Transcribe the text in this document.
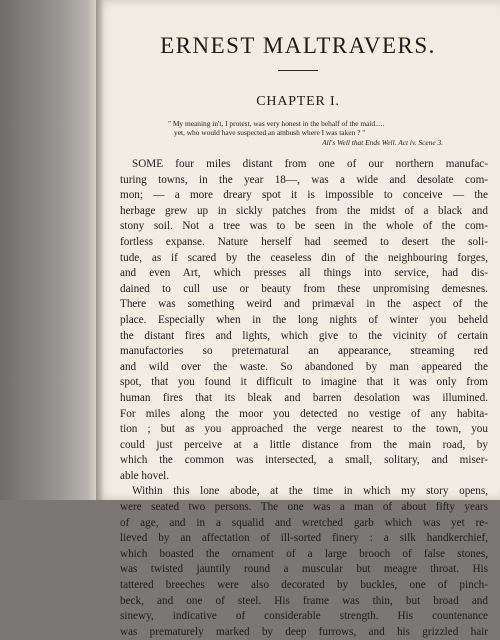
ERNEST MALTRAVERS.
CHAPTER I.
" My meaning in't, I protest, was very honest in the behalf of the maid.....
yet, who would have suspected an ambush where I was taken ? "
All's Well that Ends Well. Act iv. Scene 3.
SOME four miles distant from one of our northern manufac-
turing towns, in the year 18—, was a wide and desolate com-
mon; — a more dreary spot it is impossible to conceive — the
herbage grew up in sickly patches from the midst of a black and
stony soil. Not a tree was to be seen in the whole of the com-
fortless expanse. Nature herself had seemed to desert the soli-
tude, as if scared by the ceaseless din of the neighbouring forges,
and even Art, which presses all things into service, had dis-
dained to cull use or beauty from these unpromising demesnes.
There was something weird and primæval in the aspect of the
place. Especially when in the long nights of winter you beheld
the distant fires and lights, which give to the vicinity of certain
manufactories so preternatural an appearance, streaming red
and wild over the waste. So abandoned by man appeared the
spot, that you found it difficult to imagine that it was only from
human fires that its bleak and barren desolation was illumined.
For miles along the moor you detected no vestige of any habita-
tion ; but as you approached the verge nearest to the town, you
could just perceive at a little distance from the main road, by
which the common was intersected, a small, solitary, and miser-
able hovel.
Within this lone abode, at the time in which my story opens,
were seated two persons. The one was a man of about fifty years
of age, and in a squalid and wretched garb which was yet re-
lieved by an affectation of ill-sorted finery : a silk handkerchief,
which boasted the ornament of a large brooch of false stones,
was twisted jauntily round a muscular but meagre throat. His
tattered breeches were also decorated by buckles, one of pinch-
beck, and one of steel. His frame was thin, but broad and
sinewy, indicative of considerable strength. His countenance
was prematurely marked by deep furrows, and his grizzled hair
